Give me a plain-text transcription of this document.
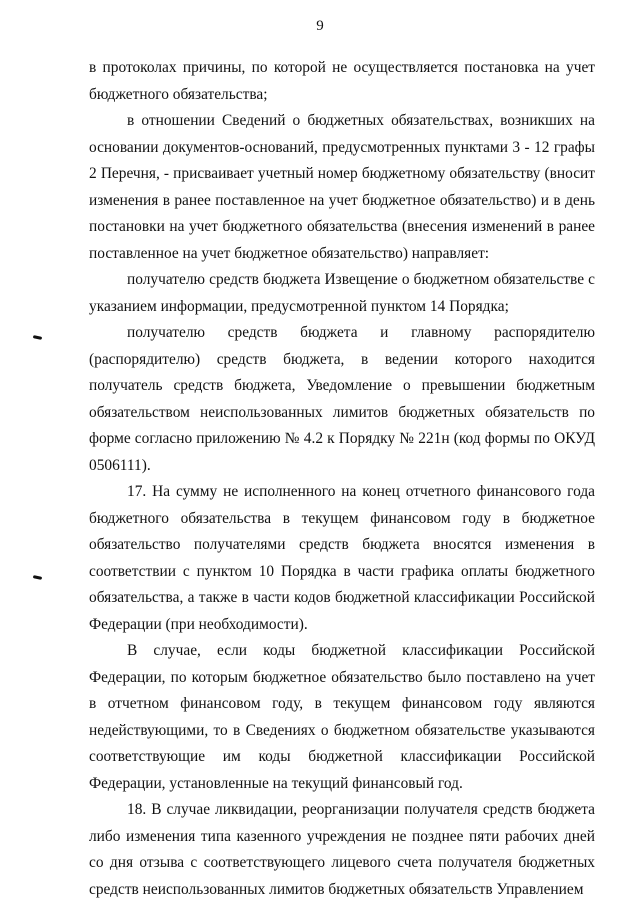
9

в протоколах причины, по которой не осуществляется постановка на учет бюджетного обязательства;

в отношении Сведений о бюджетных обязательствах, возникших на основании документов-оснований, предусмотренных пунктами 3 - 12 графы 2 Перечня, - присваивает учетный номер бюджетному обязательству (вносит изменения в ранее поставленное на учет бюджетное обязательство) и в день постановки на учет бюджетного обязательства (внесения изменений в ранее поставленное на учет бюджетное обязательство) направляет:

получателю средств бюджета Извещение о бюджетном обязательстве с указанием информации, предусмотренной пунктом 14 Порядка;

получателю средств бюджета и главному распорядителю (распорядителю) средств бюджета, в ведении которого находится получатель средств бюджета, Уведомление о превышении бюджетным обязательством неиспользованных лимитов бюджетных обязательств по форме согласно приложению № 4.2 к Порядку № 221н (код формы по ОКУД 0506111).

17. На сумму не исполненного на конец отчетного финансового года бюджетного обязательства в текущем финансовом году в бюджетное обязательство получателями средств бюджета вносятся изменения в соответствии с пунктом 10 Порядка в части графика оплаты бюджетного обязательства, а также в части кодов бюджетной классификации Российской Федерации (при необходимости).

В случае, если коды бюджетной классификации Российской Федерации, по которым бюджетное обязательство было поставлено на учет в отчетном финансовом году, в текущем финансовом году являются недействующими, то в Сведениях о бюджетном обязательстве указываются соответствующие им коды бюджетной классификации Российской Федерации, установленные на текущий финансовый год.

18. В случае ликвидации, реорганизации получателя средств бюджета либо изменения типа казенного учреждения не позднее пяти рабочих дней со дня отзыва с соответствующего лицевого счета получателя бюджетных средств неиспользованных лимитов бюджетных обязательств Управлением
